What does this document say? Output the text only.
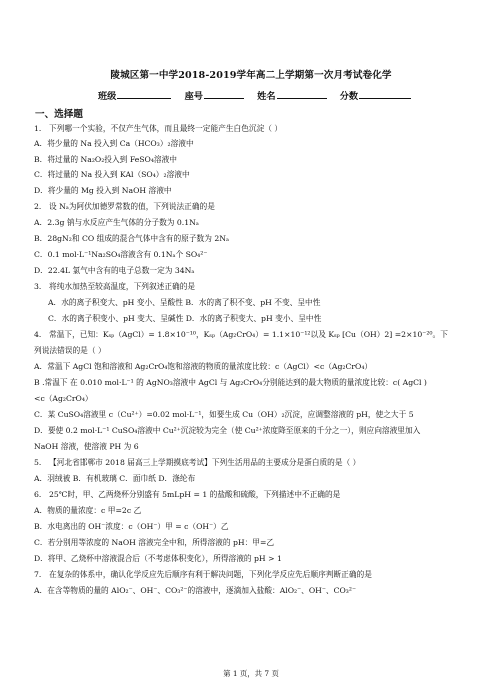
陵城区第一中学2018-2019学年高二上学期第一次月考试卷化学
班级	座号	姓名	分数
一、选择题
1． 下列哪一个实验，不仅产生气体，而且最终一定能产生白色沉淀（ ）
A．将少量的 Na 投入到 Ca（HCO₃）₂溶液中
B．将过量的 Na₂O₂投入到 FeSO₄溶液中
C．将过量的 Na 投入到 KAl（SO₄）₂溶液中
D．将少量的 Mg 投入到 NaOH 溶液中
2． 设 Nₐ为阿伏加德罗常数的值，下列说法正确的是
A．2.3g 钠与水反应产生气体的分子数为 0.1Nₐ
B．28gN₂和 CO 组成的混合气体中含有的原子数为 2Nₐ
C．0.1 mol·L⁻¹Na₂SO₄溶液含有 0.1Nₐ个 SO₄²⁻
D．22.4L 氯气中含有的电子总数一定为 34Nₐ
3． 将纯水加热至较高温度，下列叙述正确的是
A．水的离子积变大、pH 变小、呈酸性 B．水的离了积不变、pH 不变、呈中性
C．水的离子积变小、pH 变大、呈碱性 D．水的离子积变大、pH 变小、呈中性
4． 常温下，已知：Kₛₚ（AgCl）= 1.8×10⁻¹⁰，Kₛₚ（Ag₂CrO₄）= 1.1×10⁻¹²以及 Kₛₚ [Cu（OH）2] =2×10⁻²⁰。下
列说法错误的是（ ）
A．常温下 AgCl 饱和溶液和 Ag₂CrO₄饱和溶液的物质的量浓度比较：c（AgCl）<c（Ag₂CrO₄）
B .常温下 在 0.010 mol·L⁻¹ 的 AgNO₃溶液中 AgCl 与 Ag₂CrO₄分别能达到的最大物质的量浓度比较：c( AgCl )
<c（Ag₂CrO₄）
C．某 CuSO₄溶液里 c（Cu²⁺）=0.02 mol·L⁻¹，如要生成 Cu（OH）₂沉淀，应调整溶液的 pH，使之大于 5
D．要使 0.2 mol·L⁻¹ CuSO₄溶液中 Cu²⁺沉淀较为完全（使 Cu²⁺浓度降至原来的千分之一），则应向溶液里加入
NaOH 溶液，使溶液 PH 为 6
5． 【河北省邯郸市 2018 届高三上学期摸底考试】下列生活用品的主要成分是蛋白质的是（ ）
A．羽绒被 B．有机玻璃 C．面巾纸 D．涤纶布
6． 25℃时，甲、乙两烧杯分别盛有 5mLpH = 1 的盐酸和硫酸，下列描述中不正确的是
A．物质的量浓度：c 甲=2c 乙
B．水电离出的 OH⁻浓度：c（OH⁻）甲 = c（OH⁻）乙
C．若分别用等浓度的 NaOH 溶液完全中和，所得溶液的 pH：甲=乙
D．将甲、乙烧杯中溶液混合后（不考虑体积变化），所得溶液的 pH > 1
7． 在复杂的体系中，确认化学反应先后顺序有利于解决问题，下列化学反应先后顺序判断正确的是
A．在含等物质的量的 AlO₂⁻、OH⁻、CO₃²⁻的溶液中，逐滴加入盐酸：AlO₂⁻、OH⁻、CO₃²⁻
第 1 页，共 7 页
